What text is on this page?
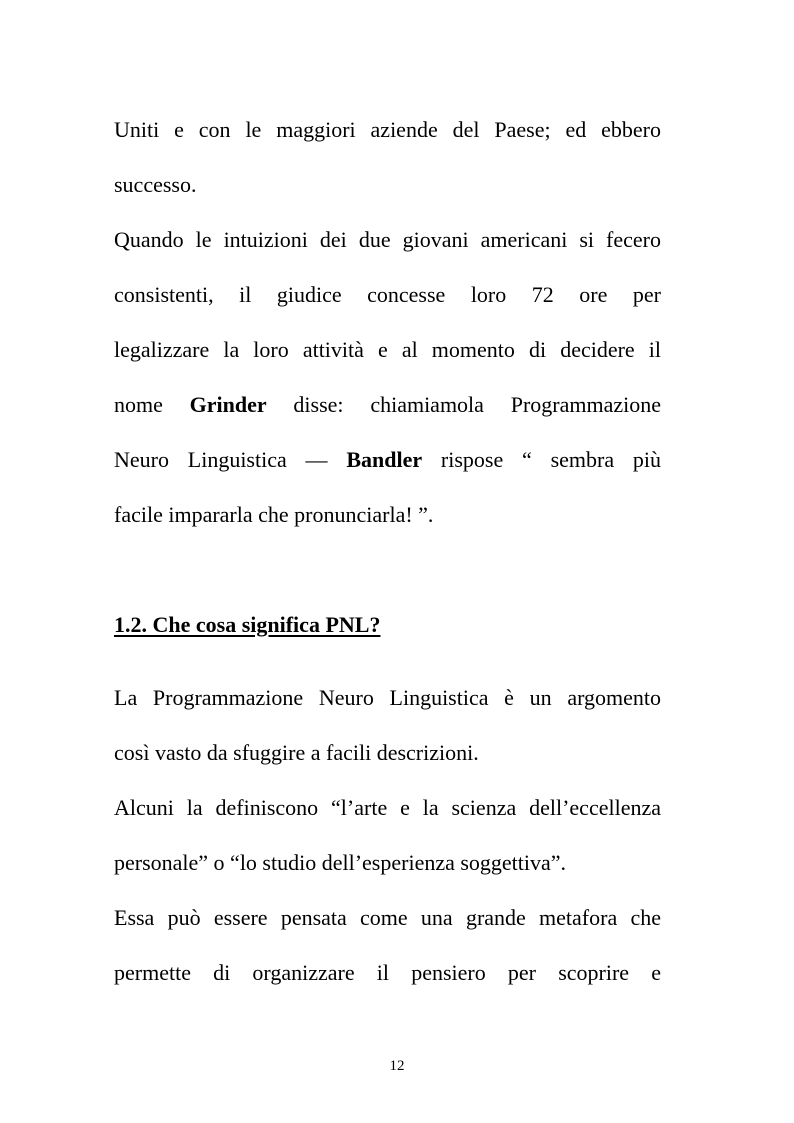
Uniti e con le maggiori aziende del Paese; ed ebbero
successo.
Quando le intuizioni dei due giovani americani si fecero
consistenti, il giudice concesse loro 72 ore per
legalizzare la loro attività e al momento di decidere il
nome Grinder disse: chiamiamola Programmazione
Neuro Linguistica — Bandler rispose “ sembra più
facile impararla che pronunciarla! ”.
1.2. Che cosa significa PNL?
La Programmazione Neuro Linguistica è un argomento
così vasto da sfuggire a facili descrizioni.
Alcuni la definiscono “l’arte e la scienza dell’eccellenza
personale” o “lo studio dell’esperienza soggettiva”.
Essa può essere pensata come una grande metafora che
permette di organizzare il pensiero per scoprire e
12
